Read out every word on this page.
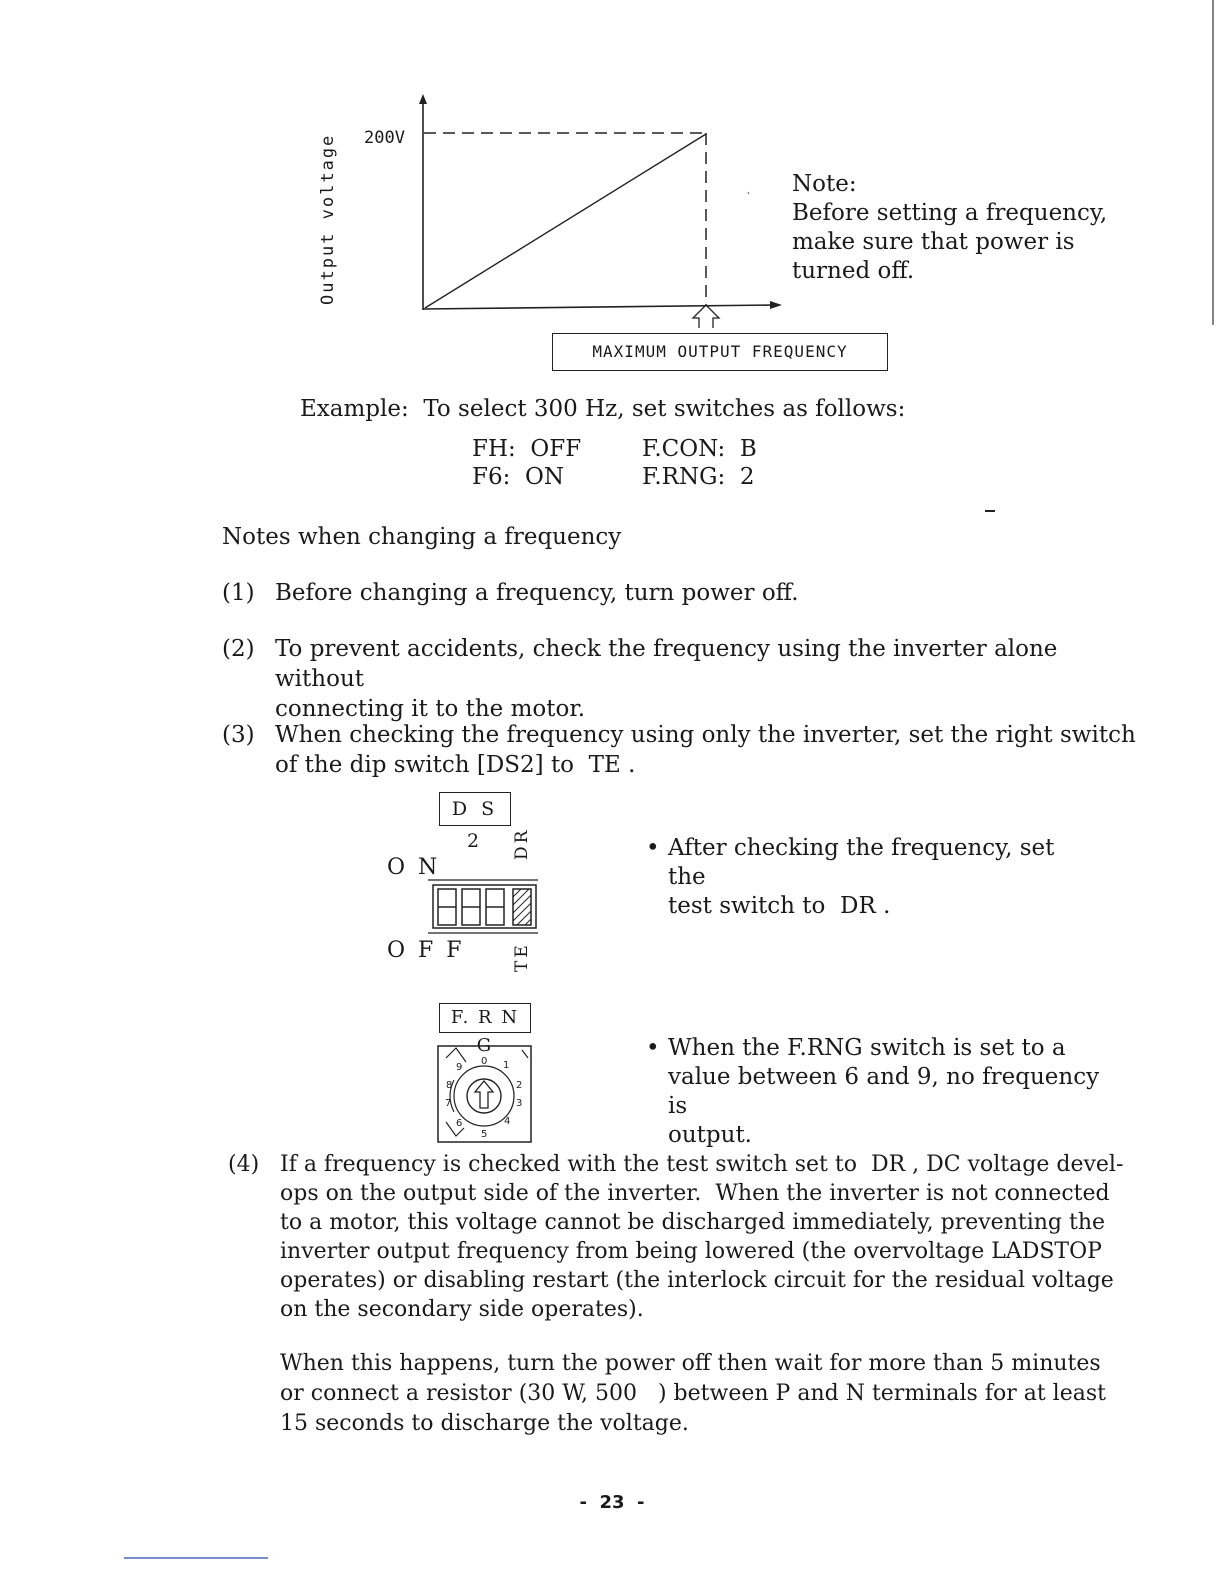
Output voltage 200V
MAXIMUM OUTPUT FREQUENCY
Note:
Before setting a frequency,
make sure that power is
turned off.
Example:  To select 300 Hz, set switches as follows:
FH:  OFF
F6:  ON
F.CON:  B
F.RNG:  2
Notes when changing a frequency
(1) Before changing a frequency, turn power off.
(2) To prevent accidents, check the frequency using the inverter alone without
connecting it to the motor.
(3) When checking the frequency using only the inverter, set the right switch
of the dip switch [DS2] to  TE .
D S 2
O N
O F F
DR
TE
• After checking the frequency, set the
test switch to  DR .
F. R N G
0 1
2
3
4
5
6
7
8
9
• When the F.RNG switch is set to a
value between 6 and 9, no frequency is
output.
(4) If a frequency is checked with the test switch set to  DR , DC voltage devel-
ops on the output side of the inverter.  When the inverter is not connected
to a motor, this voltage cannot be discharged immediately, preventing the
inverter output frequency from being lowered (the overvoltage LADSTOP
operates) or disabling restart (the interlock circuit for the residual voltage
on the secondary side operates).
When this happens, turn the power off then wait for more than 5 minutes
or connect a resistor (30 W, 500   ) between P and N terminals for at least
15 seconds to discharge the voltage.
-  23  -
